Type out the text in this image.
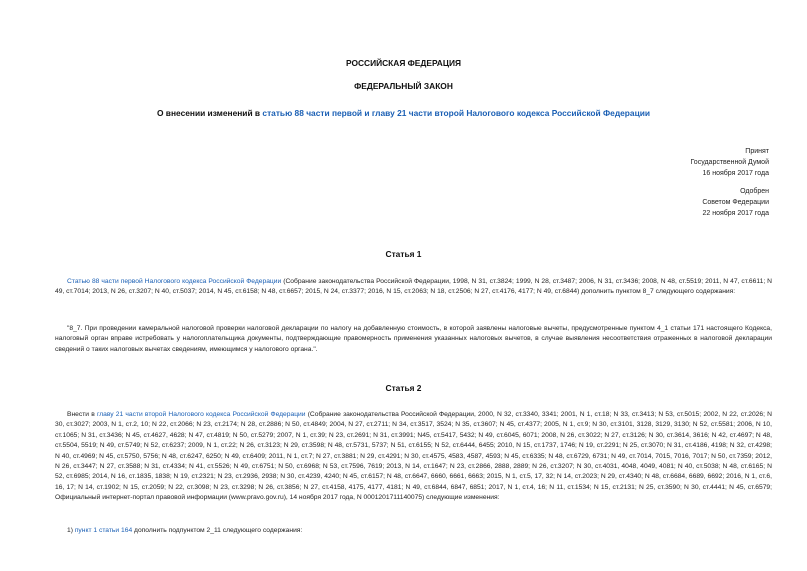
РОССИЙСКАЯ ФЕДЕРАЦИЯ
ФЕДЕРАЛЬНЫЙ ЗАКОН
О внесении изменений в статью 88 части первой и главу 21 части второй Налогового кодекса Российской Федерации
Принят
Государственной Думой
16 ноября 2017 года
Одобрен
Советом Федерации
22 ноября 2017 года
Статья 1
Статью 88 части первой Налогового кодекса Российской Федерации (Собрание законодательства Российской Федерации, 1998, N 31, ст.3824; 1999, N 28, ст.3487; 2006, N 31, ст.3436; 2008, N 48, ст.5519; 2011, N 47, ст.6611; N 49, ст.7014; 2013, N 26, ст.3207; N 40, ст.5037; 2014, N 45, ст.6158; N 48, ст.6657; 2015, N 24, ст.3377; 2016, N 15, ст.2063; N 18, ст.2506; N 27, ст.4176, 4177; N 49, ст.6844) дополнить пунктом 8_7 следующего содержания:
"8_7. При проведении камеральной налоговой проверки налоговой декларации по налогу на добавленную стоимость, в которой заявлены налоговые вычеты, предусмотренные пунктом 4_1 статьи 171 настоящего Кодекса, налоговый орган вправе истребовать у налогоплательщика документы, подтверждающие правомерность применения указанных налоговых вычетов, в случае выявления несоответствия отраженных в налоговой декларации сведений о таких налоговых вычетах сведениям, имеющимся у налогового органа.".
Статья 2
Внести в главу 21 части второй Налогового кодекса Российской Федерации (Собрание законодательства Российской Федерации, 2000, N 32, ст.3340, 3341; 2001, N 1, ст.18; N 33, ст.3413; N 53, ст.5015; 2002, N 22, ст.2026; N 30, ст.3027; 2003, N 1, ст.2, 10; N 22, ст.2066; N 23, ст.2174; N 28, ст.2886; N 50, ст.4849; 2004, N 27, ст.2711; N 34, ст.3517, 3524; N 35, ст.3607; N 45, ст.4377; 2005, N 1, ст.9; N 30, ст.3101, 3128, 3129, 3130; N 52, ст.5581; 2006, N 10, ст.1065; N 31, ст.3436; N 45, ст.4627, 4628; N 47, ст.4819; N 50, ст.5279; 2007, N 1, ст.39; N 23, ст.2691; N 31, ст.3991; N45, ст.5417, 5432; N 49, ст.6045, 6071; 2008, N 26, ст.3022; N 27, ст.3126; N 30, ст.3614, 3616; N 42, ст.4697; N 48, ст.5504, 5519; N 49, ст.5749; N 52, ст.6237; 2009, N 1, ст.22; N 26, ст.3123; N 29, ст.3598; N 48, ст.5731, 5737; N 51, ст.6155; N 52, ст.6444, 6455; 2010, N 15, ст.1737, 1746; N 19, ст.2291; N 25, ст.3070; N 31, ст.4186, 4198; N 32, ст.4298; N 40, ст.4969; N 45, ст.5750, 5756; N 48, ст.6247, 6250; N 49, ст.6409; 2011, N 1, ст.7; N 27, ст.3881; N 29, ст.4291; N 30, ст.4575, 4583, 4587, 4593; N 45, ст.6335; N 48, ст.6729, 6731; N 49, ст.7014, 7015, 7016, 7017; N 50, ст.7359; 2012, N 26, ст.3447; N 27, ст.3588; N 31, ст.4334; N 41, ст.5526; N 49, ст.6751; N 50, ст.6968; N 53, ст.7596, 7619; 2013, N 14, ст.1647; N 23, ст.2866, 2888, 2889; N 26, ст.3207; N 30, ст.4031, 4048, 4049, 4081; N 40, ст.5038; N 48, ст.6165; N 52, ст.6985; 2014, N 16, ст.1835, 1838; N 19, ст.2321; N 23, ст.2936, 2938; N 30, ст.4239, 4240; N 45, ст.6157; N 48, ст.6647, 6660, 6661, 6663; 2015, N 1, ст.5, 17, 32; N 14, ст.2023; N 29, ст.4340; N 48, ст.6684, 6689, 6692; 2016, N 1, ст.6, 16, 17; N 14, ст.1902; N 15, ст.2059; N 22, ст.3098; N 23, ст.3298; N 26, ст.3856; N 27, ст.4158, 4175, 4177, 4181; N 49, ст.6844, 6847, 6851; 2017, N 1, ст.4, 16; N 11, ст.1534; N 15, ст.2131; N 25, ст.3590; N 30, ст.4441; N 45, ст.6579; Официальный интернет-портал правовой информации (www.pravo.gov.ru), 14 ноября 2017 года, N 0001201711140075) следующие изменения:
1) пункт 1 статьи 164 дополнить подпунктом 2_11 следующего содержания:
